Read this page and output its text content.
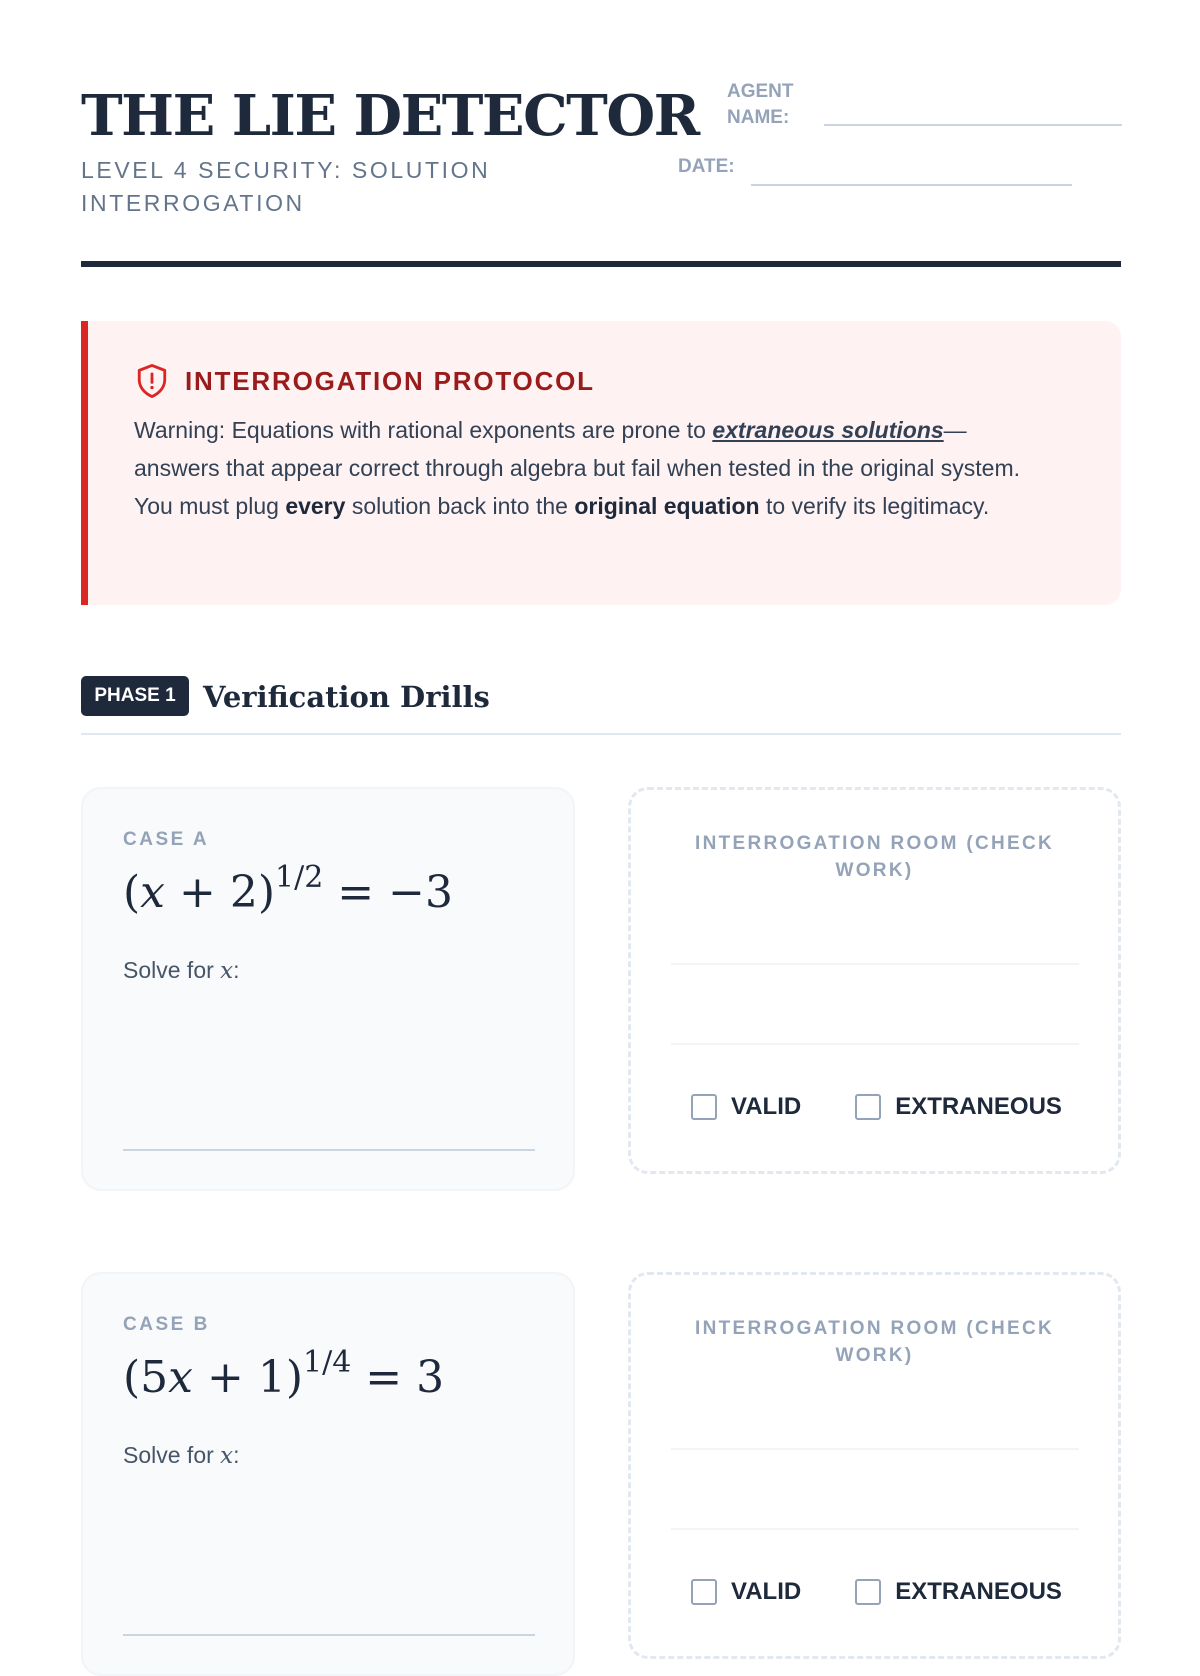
THE LIE DETECTOR
LEVEL 4 SECURITY: SOLUTION INTERROGATION
AGENT
NAME:
DATE:
INTERROGATION PROTOCOL
Warning: Equations with rational exponents are prone to extraneous solutions— answers that appear correct through algebra but fail when tested in the original system. You must plug every solution back into the original equation to verify its legitimacy.
PHASE 1 Verification Drills
CASE A
$(x + 2)^{1/2} = -3$
Solve for x:
INTERROGATION ROOM (CHECK WORK)
VALID	EXTRANEOUS
CASE B
$(5x + 1)^{1/4} = 3$
Solve for x:
INTERROGATION ROOM (CHECK WORK)
VALID	EXTRANEOUS
